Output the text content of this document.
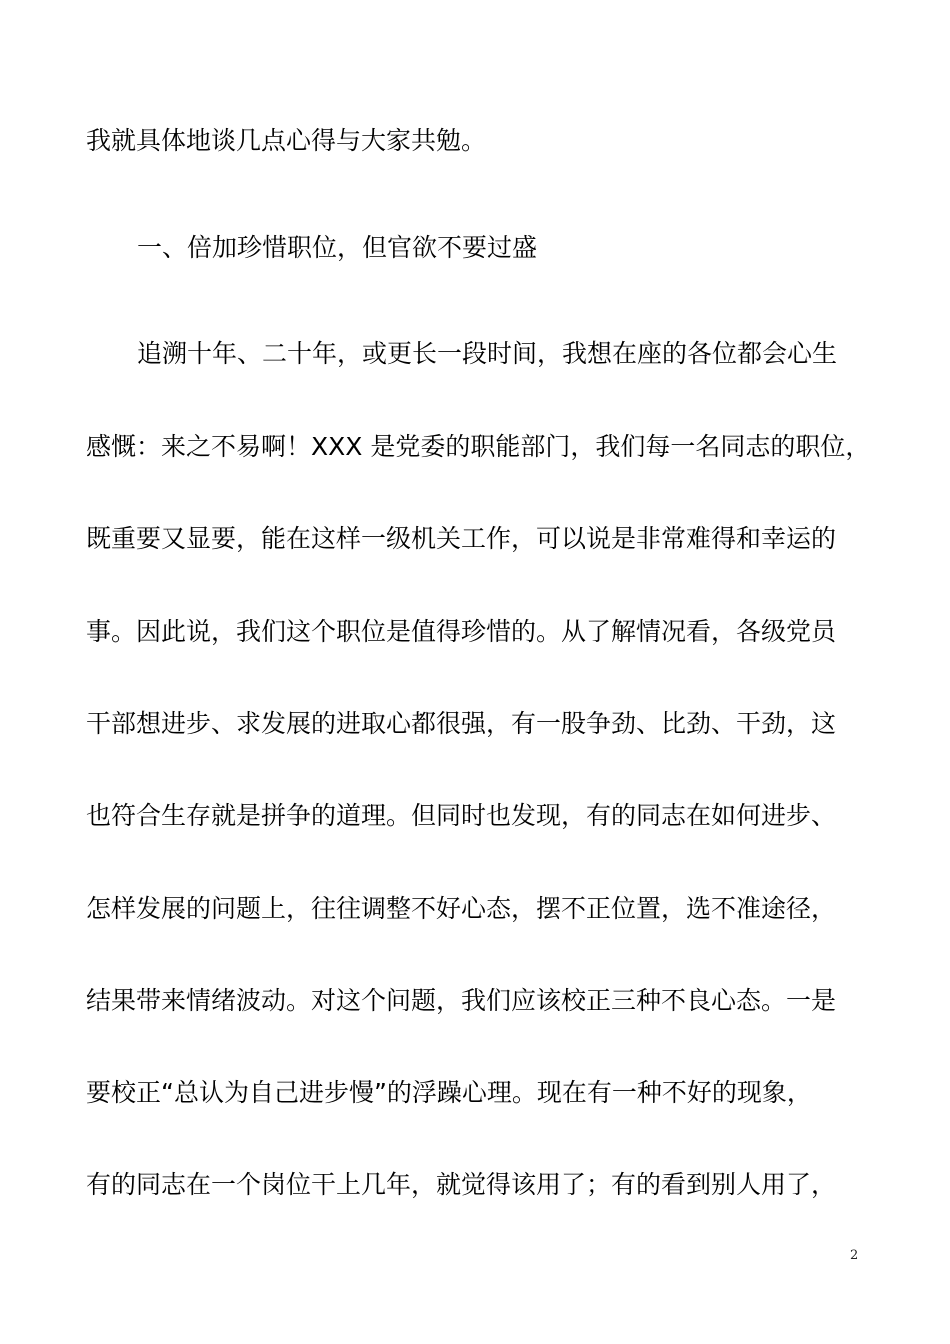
我就具体地谈几点心得与大家共勉。
一、倍加珍惜职位，但官欲不要过盛
追溯十年、二十年，或更长一段时间，我想在座的各位都会心生
感慨：来之不易啊！XXX 是党委的职能部门，我们每一名同志的职位，
既重要又显要，能在这样一级机关工作，可以说是非常难得和幸运的
事。因此说，我们这个职位是值得珍惜的。从了解情况看，各级党员
干部想进步、求发展的进取心都很强，有一股争劲、比劲、干劲，这
也符合生存就是拼争的道理。但同时也发现，有的同志在如何进步、
怎样发展的问题上，往往调整不好心态，摆不正位置，选不准途径，
结果带来情绪波动。对这个问题，我们应该校正三种不良心态。一是
要校正“总认为自己进步慢”的浮躁心理。现在有一种不好的现象，
有的同志在一个岗位干上几年，就觉得该用了；有的看到别人用了，
2
